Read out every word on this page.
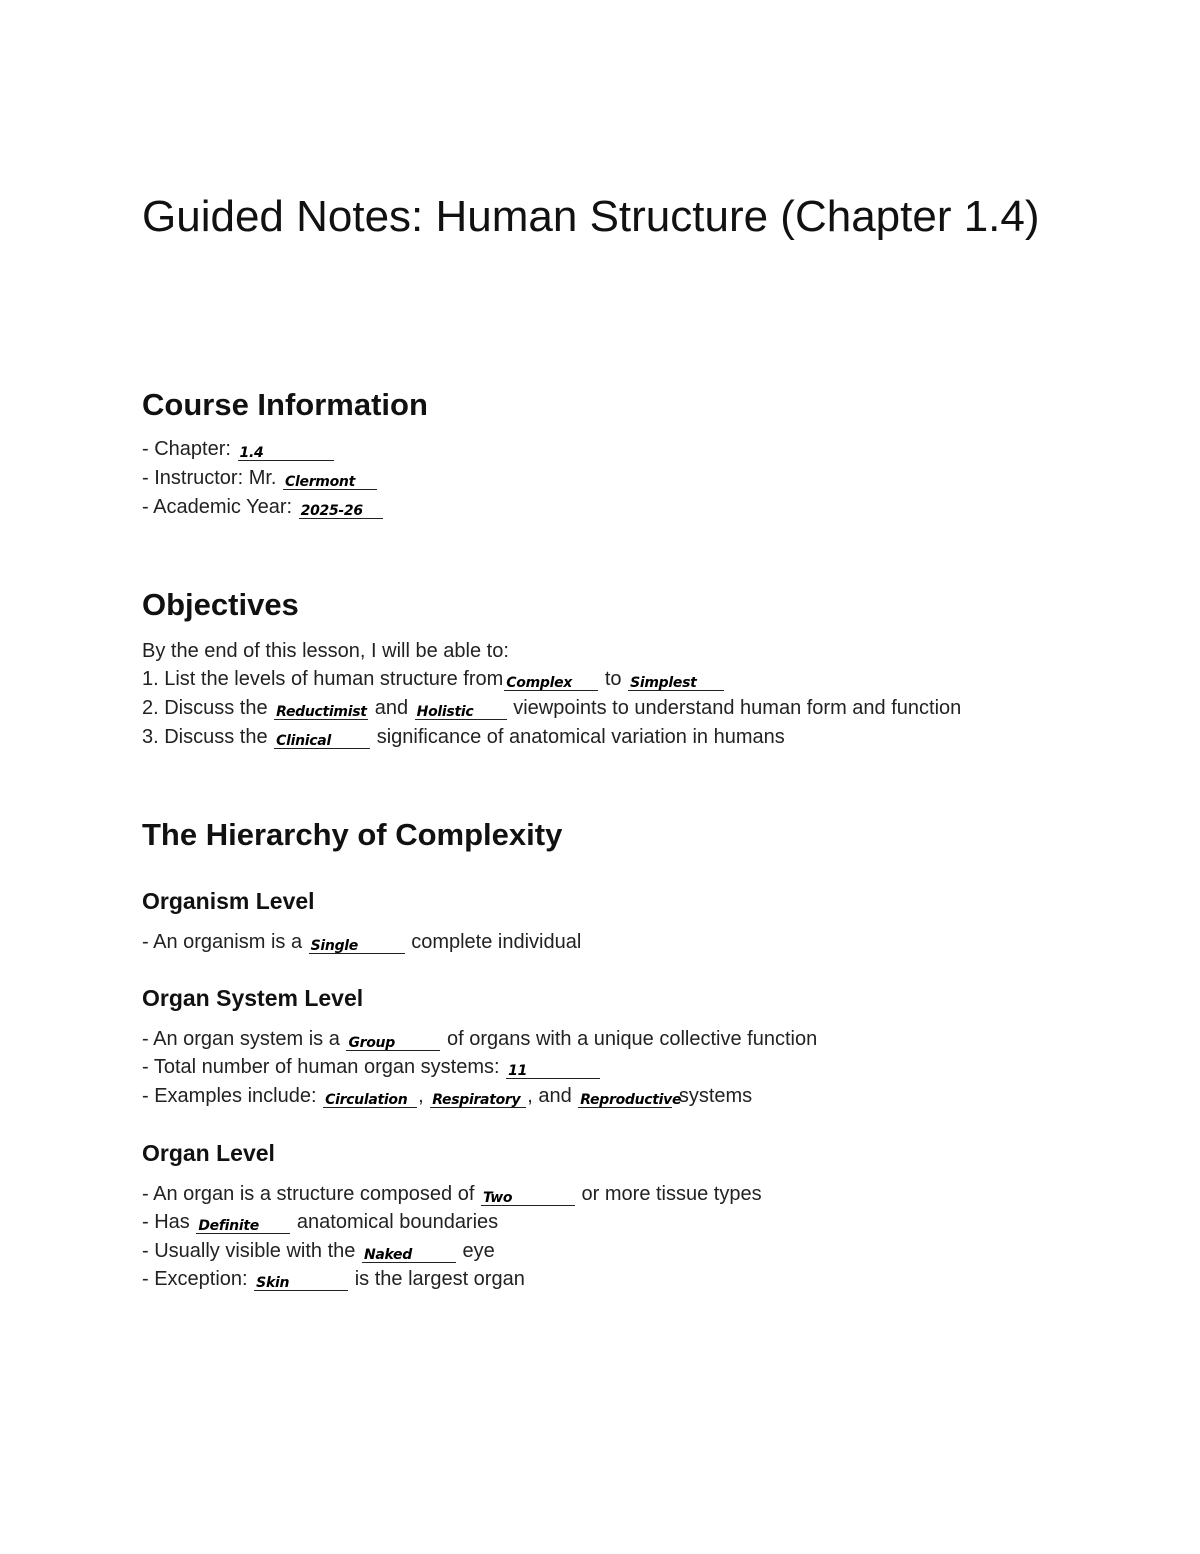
Guided Notes: Human Structure (Chapter 1.4)
Course Information
- Chapter: 1.4
- Instructor: Mr. Clermont
- Academic Year: 2025-26
Objectives
By the end of this lesson, I will be able to:
1. List the levels of human structure from Complex to Simplest
2. Discuss the Reductimist and Holistic viewpoints to understand human form and function
3. Discuss the Clinical significance of anatomical variation in humans
The Hierarchy of Complexity
Organism Level
- An organism is a Single	complete individual
Organ System Level
- An organ system is a Group	of organs with a unique collective function
- Total number of human organ systems: 11
- Examples include: Circulation , Respiratory , and Reproductive systems
Organ Level
- An organ is a structure composed of Two	or more tissue types
- Has Definite anatomical boundaries
- Usually visible with the Naked	eye
- Exception: Skin	is the largest organ
